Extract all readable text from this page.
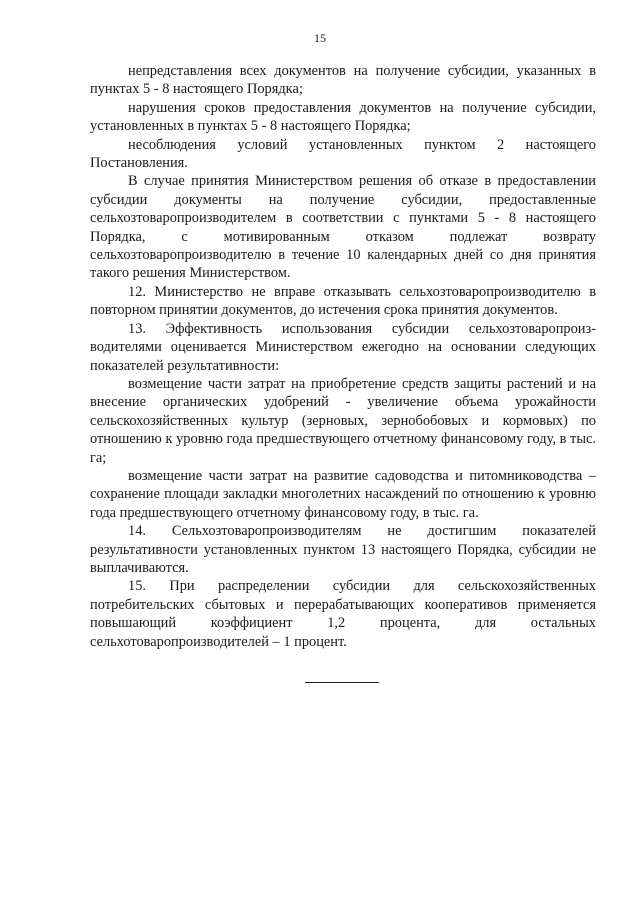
15

непредставления всех документов на получение субсидии, указанных в пунктах 5 - 8 настоящего Порядка;

нарушения сроков предоставления документов на получение субсидии, установленных в пунктах 5 - 8 настоящего Порядка;

несоблюдения условий установленных пунктом 2 настоящего Постановления.

В случае принятия Министерством решения об отказе в предоставлении субсидии документы на получение субсидии, предоставленные сельхозтоваропроизводителем в соответствии с пунктами 5 - 8 настоящего Порядка, с мотивированным отказом подлежат возврату сельхозтоваропроизводителю в течение 10 календарных дней со дня принятия такого решения Министерством.

12. Министерство не вправе отказывать сельхозтоваропроизводителю в повторном принятии документов, до истечения срока принятия документов.

13. Эффективность использования субсидии сельхозтоваропроиз-водителями оценивается Министерством ежегодно на основании следующих показателей результативности:

возмещение части затрат на приобретение средств защиты растений и на внесение органических удобрений - увеличение объема урожайности сельскохозяйственных культур (зерновых, зернобобовых и кормовых) по отношению к уровню года предшествующего отчетному финансовому году, в тыс. га;

возмещение части затрат на развитие садоводства и питомниководства – сохранение площади закладки многолетних насаждений по отношению к уровню года предшествующего отчетному финансовому году, в тыс. га.

14. Сельхозтоваропроизводителям не достигшим показателей результативности установленных пунктом 13 настоящего Порядка, субсидии не выплачиваются.

15. При распределении субсидии для сельскохозяйственных потребительских сбытовых и перерабатывающих кооперативов применяется повышающий коэффициент 1,2 процента, для остальных сельхотоваропроизводителей – 1 процент.
